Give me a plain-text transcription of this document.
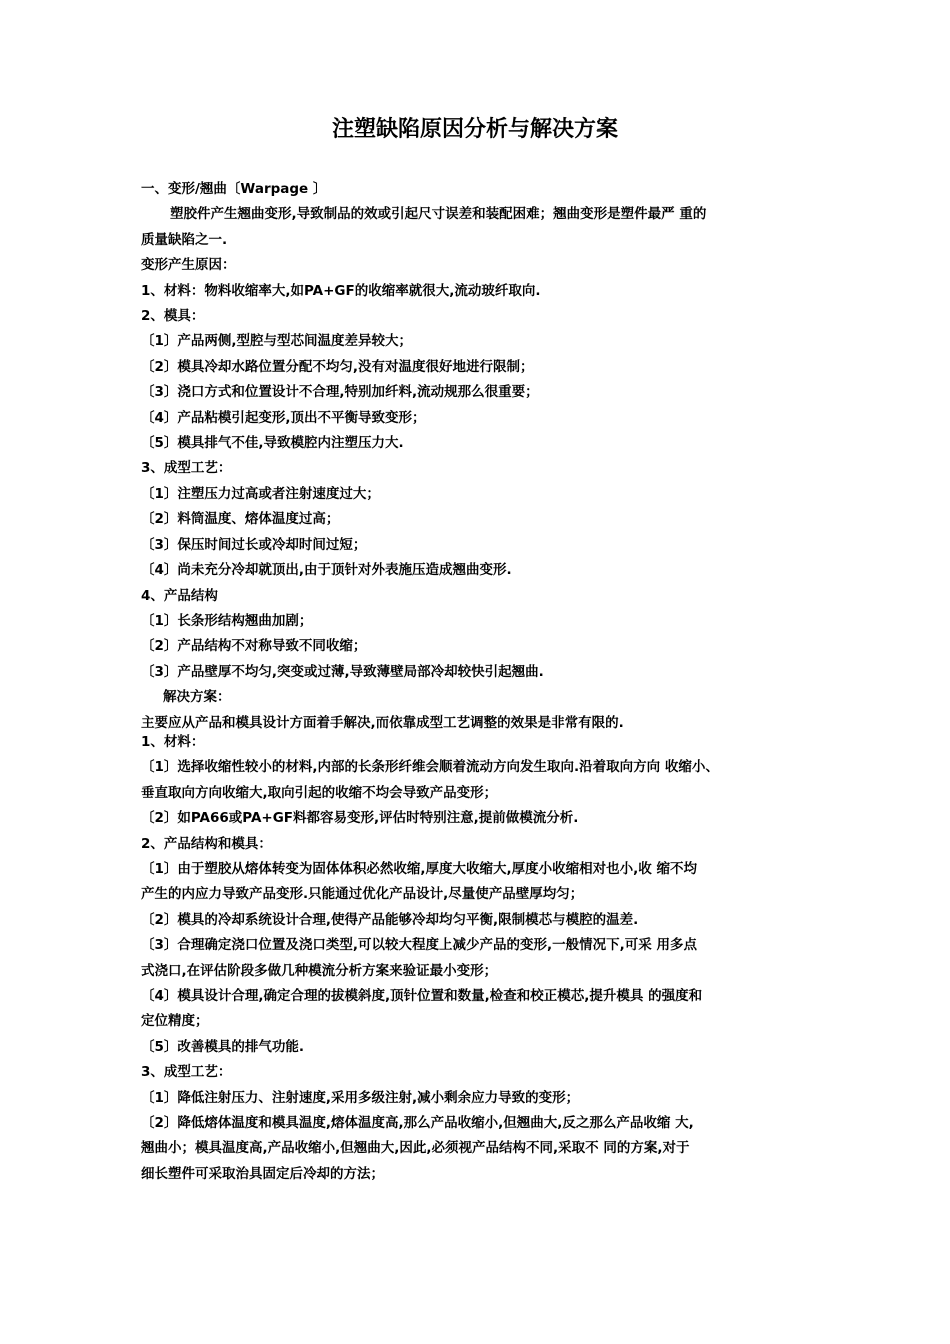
注塑缺陷原因分析与解决方案
一、变形/翘曲〔Warpage 〕
塑胶件产生翘曲变形,导致制品的效或引起尺寸误差和装配困难；翘曲变形是塑件最严 重的
质量缺陷之一.
变形产生原因：
1、材料：物料收缩率大,如PA+GF的收缩率就很大,流动玻纤取向.
2、模具：
〔1〕产品两侧,型腔与型芯间温度差异较大；
〔2〕模具冷却水路位置分配不均匀,没有对温度很好地进行限制；
〔3〕浇口方式和位置设计不合理,特别加纤料,流动规那么很重要；
〔4〕产品粘模引起变形,顶出不平衡导致变形；
〔5〕模具排气不佳,导致模腔内注塑压力大.
3、成型工艺：
〔1〕注塑压力过高或者注射速度过大；
〔2〕料筒温度、熔体温度过高；
〔3〕保压时间过长或冷却时间过短；
〔4〕尚未充分冷却就顶出,由于顶针对外表施压造成翘曲变形.
4、产品结构
〔1〕长条形结构翘曲加剧；
〔2〕产品结构不对称导致不同收缩；
〔3〕产品壁厚不均匀,突变或过薄,导致薄壁局部冷却较快引起翘曲.
解决方案：
主要应从产品和模具设计方面着手解决,而依靠成型工艺调整的效果是非常有限的.
1、材料：
〔1〕选择收缩性较小的材料,内部的长条形纤维会顺着流动方向发生取向.沿着取向方向 收缩小、
垂直取向方向收缩大,取向引起的收缩不均会导致产品变形；
〔2〕如PA66或PA+GF料都容易变形,评估时特别注意,提前做模流分析.
2、产品结构和模具：
〔1〕由于塑胶从熔体转变为固体体积必然收缩,厚度大收缩大,厚度小收缩相对也小,收 缩不均
产生的内应力导致产品变形.只能通过优化产品设计,尽量使产品壁厚均匀；
〔2〕模具的冷却系统设计合理,使得产品能够冷却均匀平衡,限制模芯与模腔的温差.
〔3〕合理确定浇口位置及浇口类型,可以较大程度上减少产品的变形,一般情况下,可采 用多点
式浇口,在评估阶段多做几种模流分析方案来验证最小变形；
〔4〕模具设计合理,确定合理的拔模斜度,顶针位置和数量,检查和校正模芯,提升模具 的强度和
定位精度；
〔5〕改善模具的排气功能.
3、成型工艺：
〔1〕降低注射压力、注射速度,采用多级注射,减小剩余应力导致的变形；
〔2〕降低熔体温度和模具温度,熔体温度高,那么产品收缩小,但翘曲大,反之那么产品收缩 大,
翘曲小；模具温度高,产品收缩小,但翘曲大,因此,必须视产品结构不同,采取不 同的方案,对于
细长塑件可采取治具固定后冷却的方法；
